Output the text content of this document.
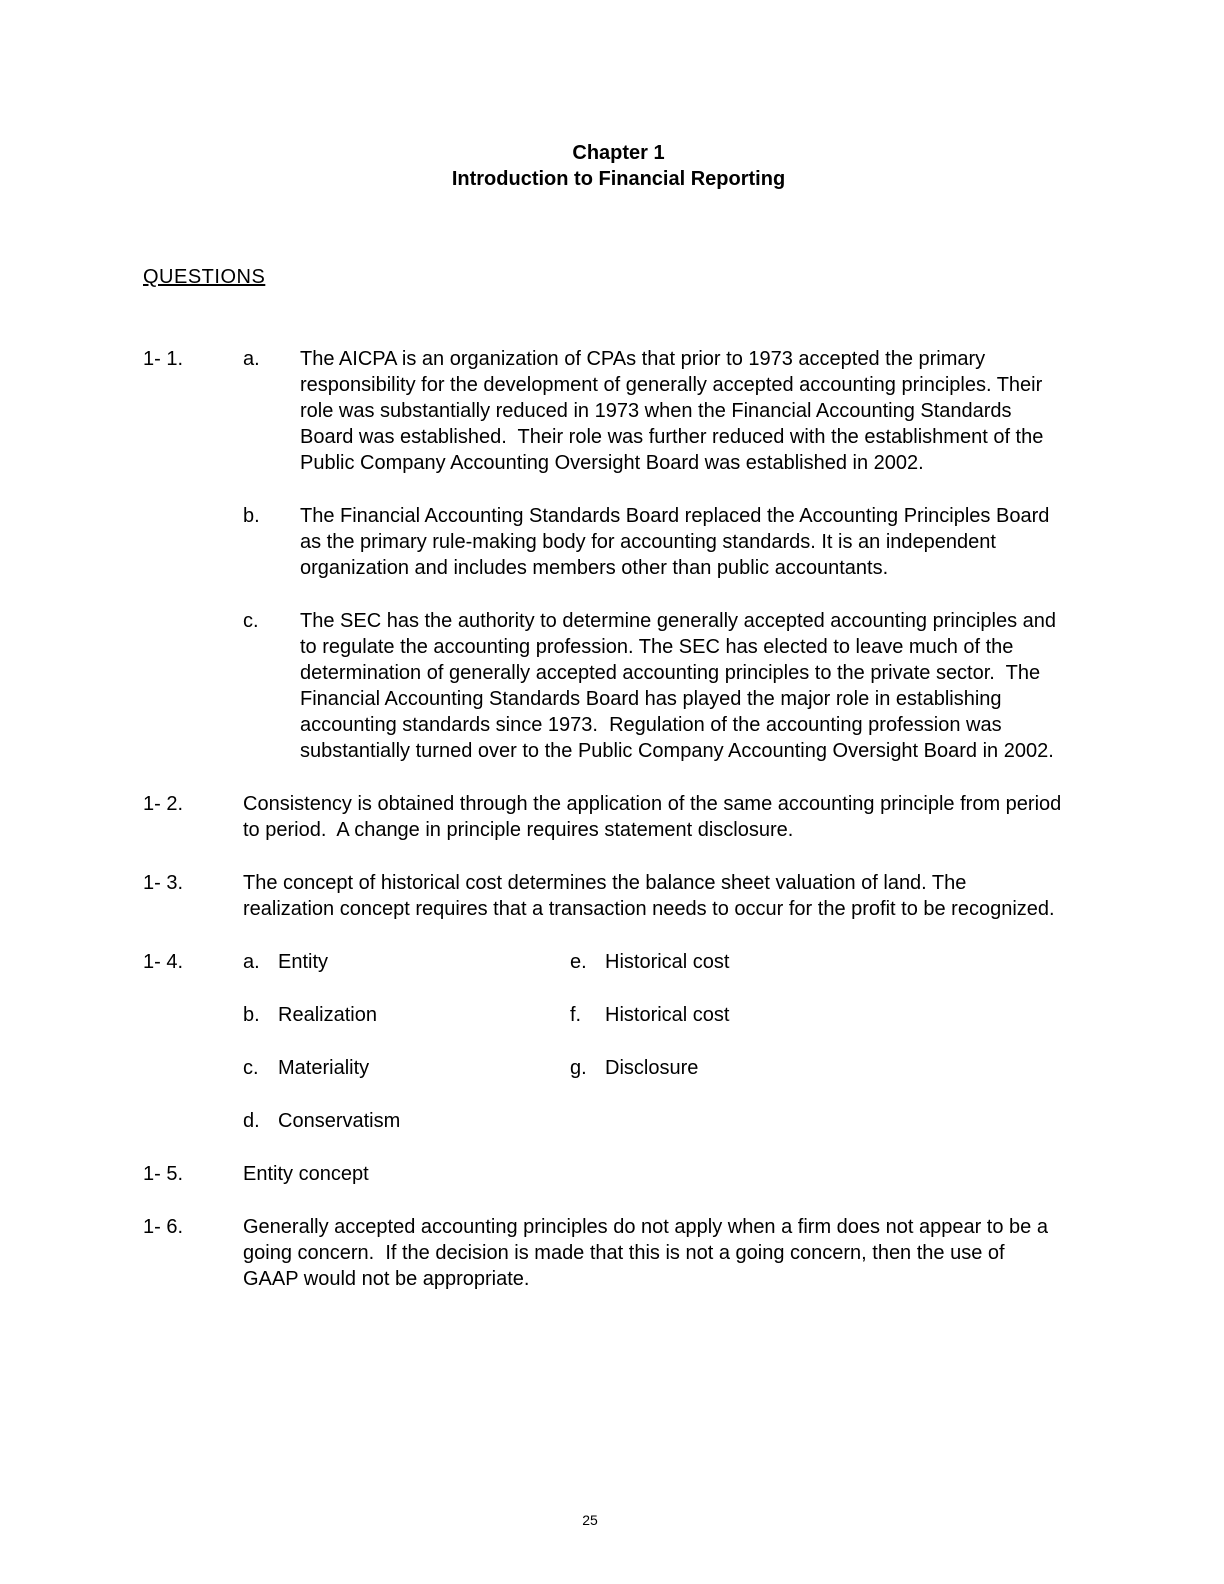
Chapter 1
Introduction to Financial Reporting
QUESTIONS
1- 1.	a.	The AICPA is an organization of CPAs that prior to 1973 accepted the primary responsibility for the development of generally accepted accounting principles. Their role was substantially reduced in 1973 when the Financial Accounting Standards Board was established.  Their role was further reduced with the establishment of the Public Company Accounting Oversight Board was established in 2002.

b.	The Financial Accounting Standards Board replaced the Accounting Principles Board as the primary rule-making body for accounting standards. It is an independent organization and includes members other than public accountants.

c.	The SEC has the authority to determine generally accepted accounting principles and to regulate the accounting profession. The SEC has elected to leave much of the determination of generally accepted accounting principles to the private sector.  The Financial Accounting Standards Board has played the major role in establishing accounting standards since 1973.  Regulation of the accounting profession was substantially turned over to the Public Company Accounting Oversight Board in 2002.

1- 2.	Consistency is obtained through the application of the same accounting principle from period to period.  A change in principle requires statement disclosure.

1- 3.	The concept of historical cost determines the balance sheet valuation of land. The realization concept requires that a transaction needs to occur for the profit to be recognized.

1- 4.	a. Entity	e. Historical cost
b. Realization	f.	Historical cost
c. Materiality	g. Disclosure
d. Conservatism
1- 5.	Entity concept

1- 6.	Generally accepted accounting principles do not apply when a firm does not appear to be a going concern.  If the decision is made that this is not a going concern, then the use of GAAP would not be appropriate.

25
